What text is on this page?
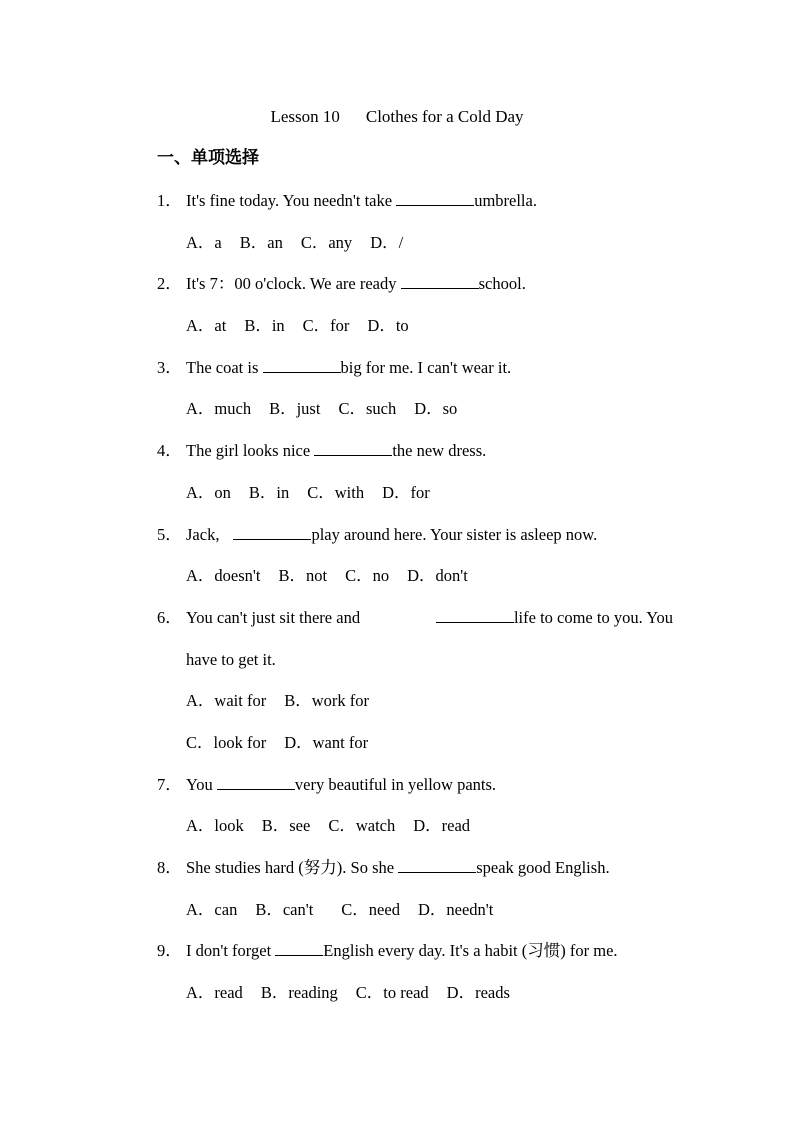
Lesson 10 Clothes for a Cold Day
一、单项选择
1． It's fine today. You needn't take	umbrella.
A．a B．an C．any D．/
2． It's 7：00 o'clock. We are ready	school.
A．at B．in C．for D．to
3． The coat is	big for me. I can't wear it.
A．much B．just C．such D．so
4． The girl looks nice	the new dress.
A．on B．in C．with D．for
5． Jack,	play around here. Your sister is asleep now.
A．doesn't B．not C．no D．don't
6． You can't just sit there and	life to come to you. You
have to get it.
A．wait for B．work for
C．look for D．want for
7． You	very beautiful in yellow pants.
A．look B．see C．watch D．read
8． She studies hard (努力). So she	speak good English.
A．can B．can't C．need D．needn't
9． I don't forget	English every day. It's a habit (习惯) for me.
A．read B．reading C．to read D．reads
